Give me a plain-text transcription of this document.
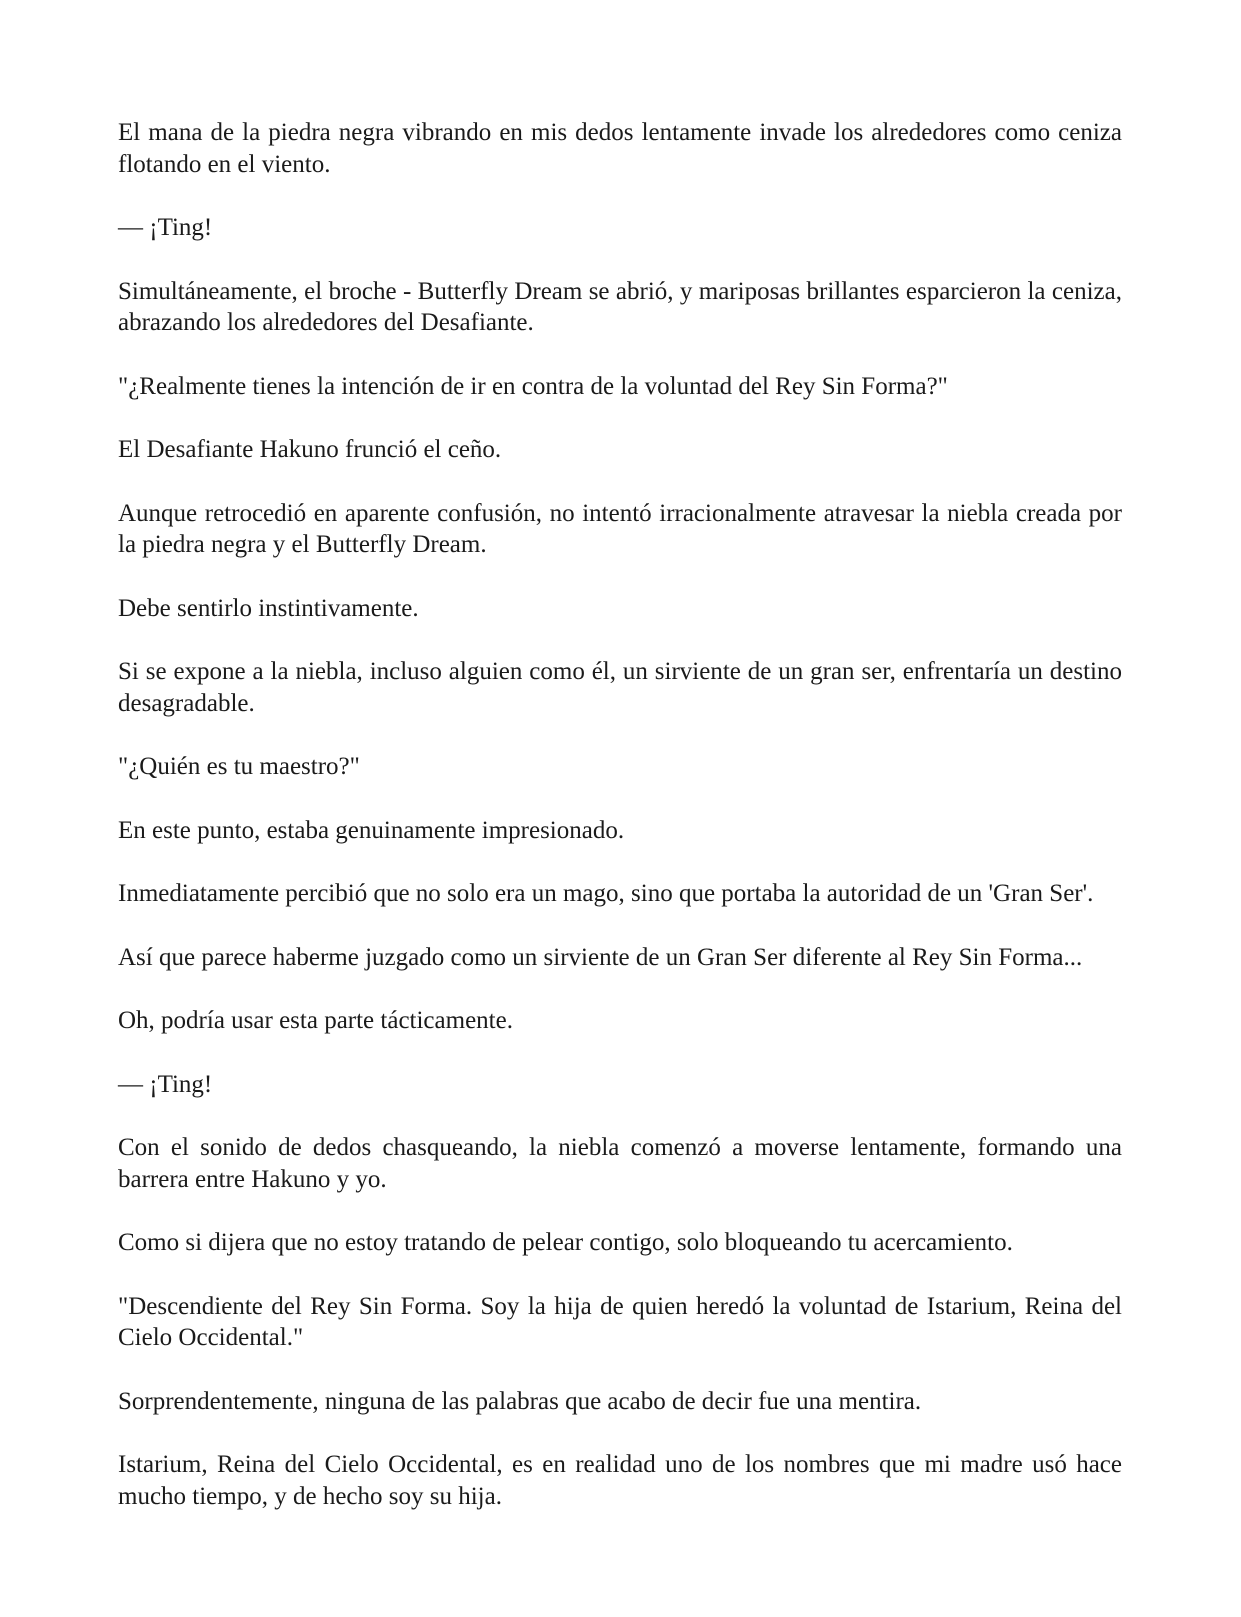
El mana de la piedra negra vibrando en mis dedos lentamente invade los alrededores como ceniza flotando en el viento.

— ¡Ting!

Simultáneamente, el broche - Butterfly Dream se abrió, y mariposas brillantes esparcieron la ceniza, abrazando los alrededores del Desafiante.

"¿Realmente tienes la intención de ir en contra de la voluntad del Rey Sin Forma?"

El Desafiante Hakuno frunció el ceño.

Aunque retrocedió en aparente confusión, no intentó irracionalmente atravesar la niebla creada por la piedra negra y el Butterfly Dream.

Debe sentirlo instintivamente.

Si se expone a la niebla, incluso alguien como él, un sirviente de un gran ser, enfrentaría un destino desagradable.

"¿Quién es tu maestro?"

En este punto, estaba genuinamente impresionado.

Inmediatamente percibió que no solo era un mago, sino que portaba la autoridad de un 'Gran Ser'.

Así que parece haberme juzgado como un sirviente de un Gran Ser diferente al Rey Sin Forma...

Oh, podría usar esta parte tácticamente.

— ¡Ting!

Con el sonido de dedos chasqueando, la niebla comenzó a moverse lentamente, formando una barrera entre Hakuno y yo.

Como si dijera que no estoy tratando de pelear contigo, solo bloqueando tu acercamiento.

"Descendiente del Rey Sin Forma. Soy la hija de quien heredó la voluntad de Istarium, Reina del Cielo Occidental."

Sorprendentemente, ninguna de las palabras que acabo de decir fue una mentira.

Istarium, Reina del Cielo Occidental, es en realidad uno de los nombres que mi madre usó hace mucho tiempo, y de hecho soy su hija.
